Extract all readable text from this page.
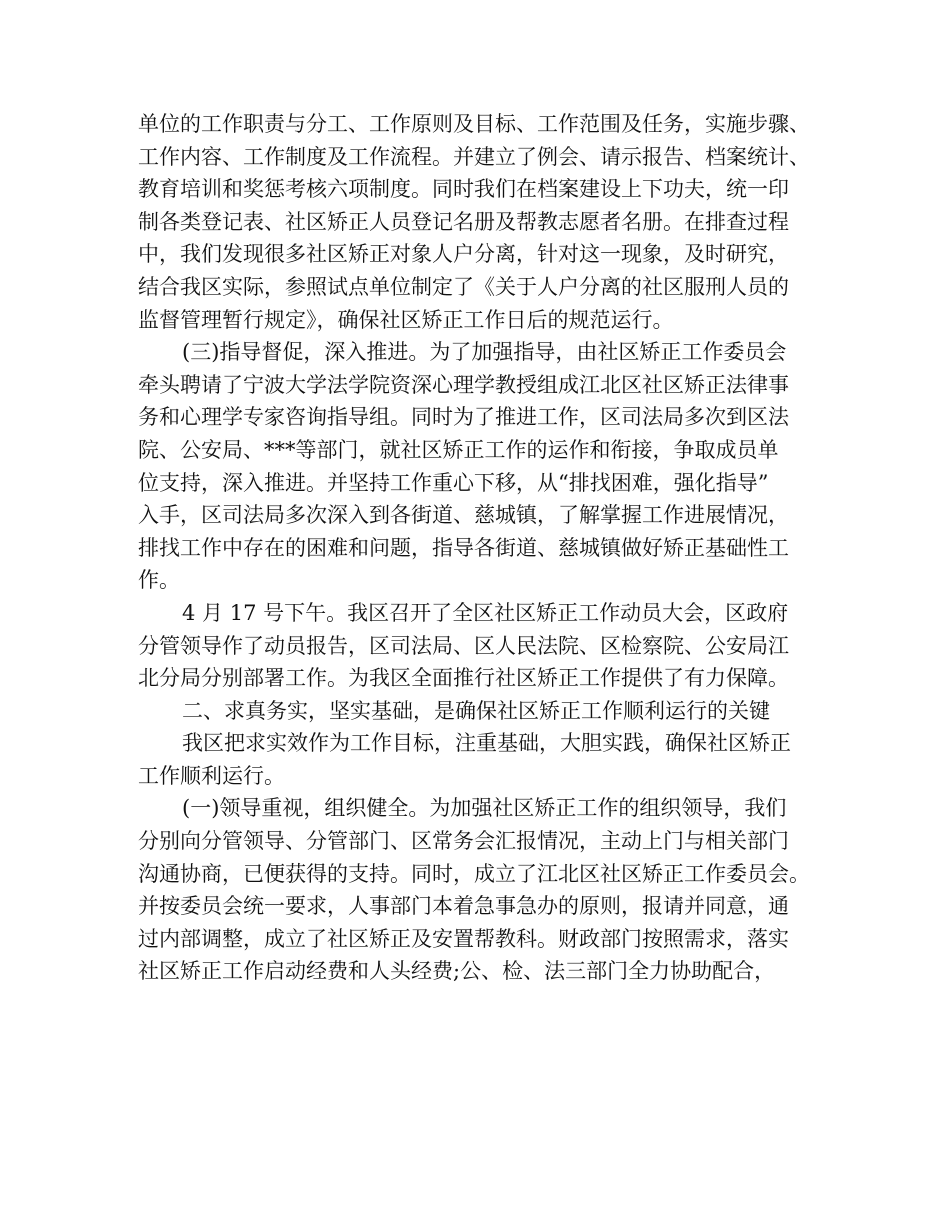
单位的工作职责与分工、工作原则及目标、工作范围及任务，实施步骤、
工作内容、工作制度及工作流程。并建立了例会、请示报告、档案统计、
教育培训和奖惩考核六项制度。同时我们在档案建设上下功夫，统一印
制各类登记表、社区矫正人员登记名册及帮教志愿者名册。在排查过程
中，我们发现很多社区矫正对象人户分离，针对这一现象，及时研究，
结合我区实际，参照试点单位制定了《关于人户分离的社区服刑人员的
监督管理暂行规定》，确保社区矫正工作日后的规范运行。
(三)指导督促，深入推进。为了加强指导，由社区矫正工作委员会
牵头聘请了宁波大学法学院资深心理学教授组成江北区社区矫正法律事
务和心理学专家咨询指导组。同时为了推进工作，区司法局多次到区法
院、公安局、***等部门，就社区矫正工作的运作和衔接，争取成员单
位支持，深入推进。并坚持工作重心下移，从“排找困难，强化指导”
入手，区司法局多次深入到各街道、慈城镇，了解掌握工作进展情况，
排找工作中存在的困难和问题，指导各街道、慈城镇做好矫正基础性工
作。
4 月 17 号下午。我区召开了全区社区矫正工作动员大会，区政府
分管领导作了动员报告，区司法局、区人民法院、区检察院、公安局江
北分局分别部署工作。为我区全面推行社区矫正工作提供了有力保障。
二、求真务实，坚实基础，是确保社区矫正工作顺利运行的关键
我区把求实效作为工作目标，注重基础，大胆实践，确保社区矫正
工作顺利运行。
(一)领导重视，组织健全。为加强社区矫正工作的组织领导，我们
分别向分管领导、分管部门、区常务会汇报情况，主动上门与相关部门
沟通协商，已便获得的支持。同时，成立了江北区社区矫正工作委员会。
并按委员会统一要求，人事部门本着急事急办的原则，报请并同意，通
过内部调整，成立了社区矫正及安置帮教科。财政部门按照需求，落实
社区矫正工作启动经费和人头经费;公、检、法三部门全力协助配合，
